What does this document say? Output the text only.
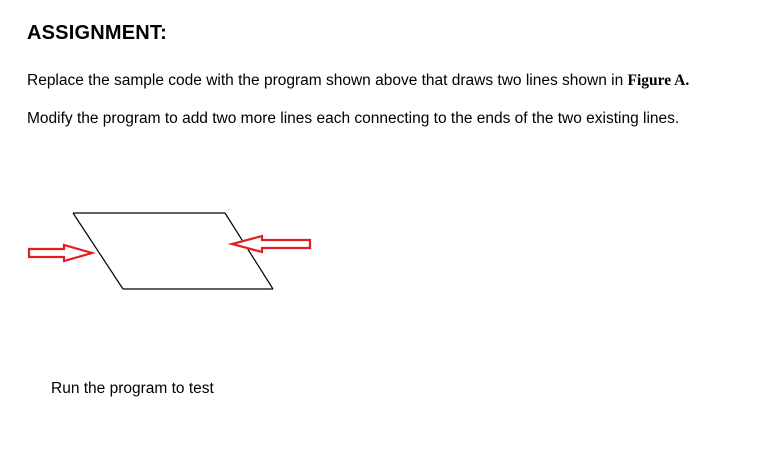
ASSIGNMENT:
Replace the sample code with the program shown above that draws two lines shown in Figure A.
Modify the program to add two more lines each connecting to the ends of the two existing lines.
Run the program to test
